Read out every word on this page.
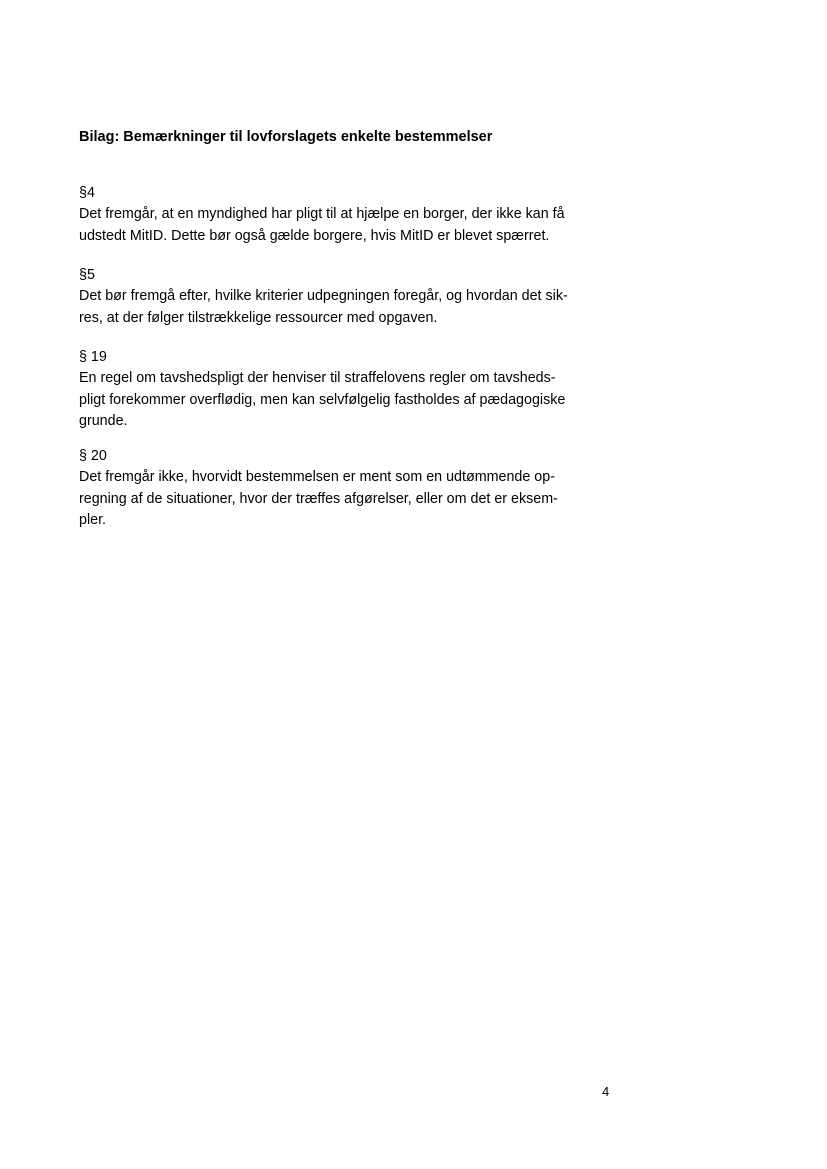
Bilag: Bemærkninger til lovforslagets enkelte bestemmelser
§4
Det fremgår, at en myndighed har pligt til at hjælpe en borger, der ikke kan få
udstedt MitID. Dette bør også gælde borgere, hvis MitID er blevet spærret.
§5
Det bør fremgå efter, hvilke kriterier udpegningen foregår, og hvordan det sik-
res, at der følger tilstrækkelige ressourcer med opgaven.
§ 19
En regel om tavshedspligt der henviser til straffelovens regler om tavsheds-
pligt forekommer overflødig, men kan selvfølgelig fastholdes af pædagogiske
grunde.
§ 20
Det fremgår ikke, hvorvidt bestemmelsen er ment som en udtømmende op-
regning af de situationer, hvor der træffes afgørelser, eller om det er eksem-
pler.
4
